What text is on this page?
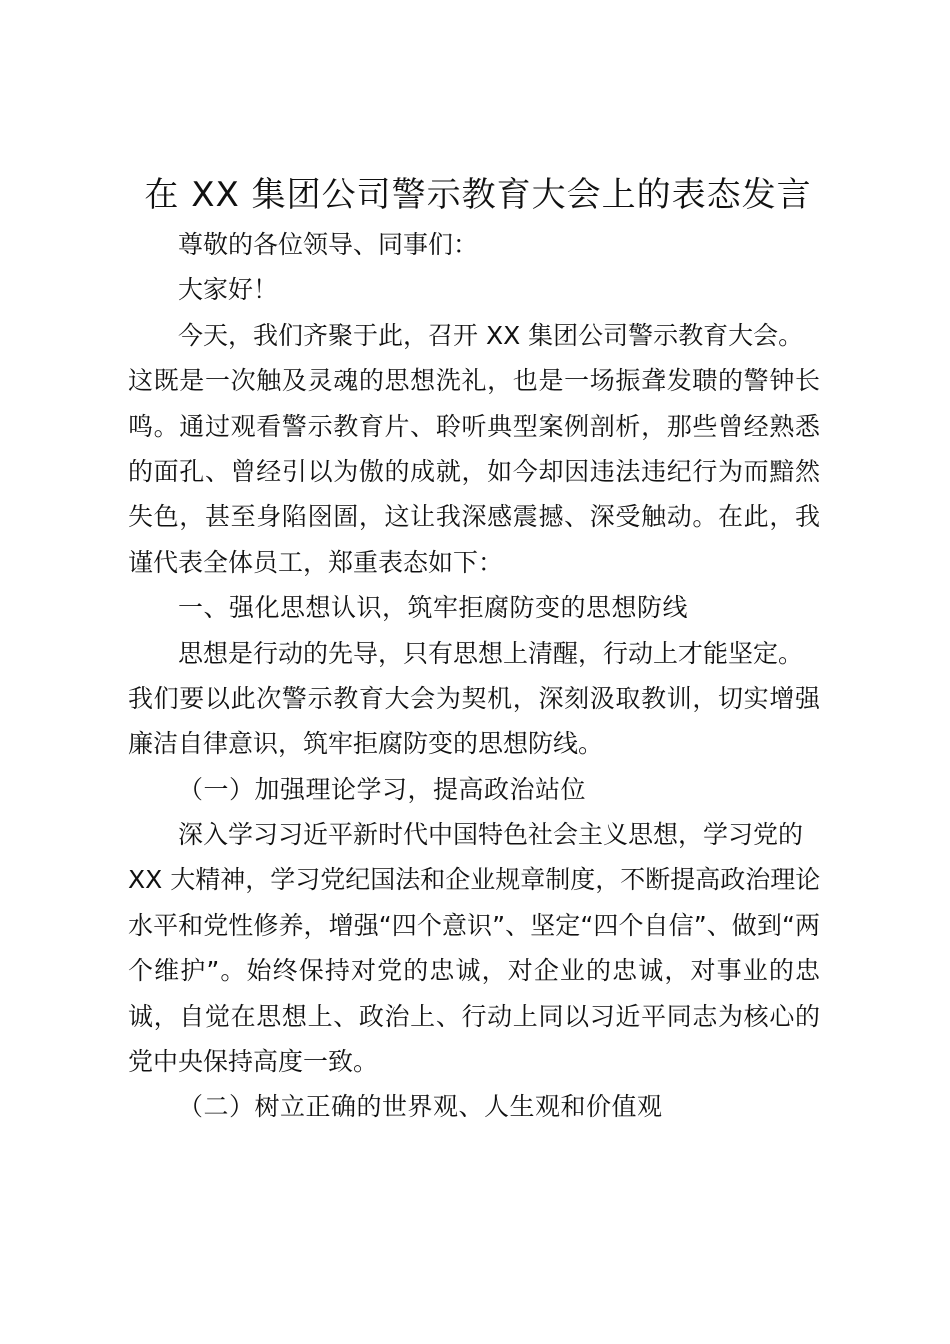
在 XX 集团公司警示教育大会上的表态发言
尊敬的各位领导、同事们：
大家好！
今天，我们齐聚于此，召开 XX 集团公司警示教育大会。
这既是一次触及灵魂的思想洗礼，也是一场振聋发聩的警钟长
鸣。通过观看警示教育片、聆听典型案例剖析，那些曾经熟悉
的面孔、曾经引以为傲的成就，如今却因违法违纪行为而黯然
失色，甚至身陷囹圄，这让我深感震撼、深受触动。在此，我
谨代表全体员工，郑重表态如下：
一、强化思想认识，筑牢拒腐防变的思想防线
思想是行动的先导，只有思想上清醒，行动上才能坚定。
我们要以此次警示教育大会为契机，深刻汲取教训，切实增强
廉洁自律意识，筑牢拒腐防变的思想防线。
（一）加强理论学习，提高政治站位
深入学习习近平新时代中国特色社会主义思想，学习党的
XX 大精神，学习党纪国法和企业规章制度，不断提高政治理论
水平和党性修养，增强“四个意识”、坚定“四个自信”、做到“两
个维护”。始终保持对党的忠诚，对企业的忠诚，对事业的忠
诚，自觉在思想上、政治上、行动上同以习近平同志为核心的
党中央保持高度一致。
（二）树立正确的世界观、人生观和价值观
